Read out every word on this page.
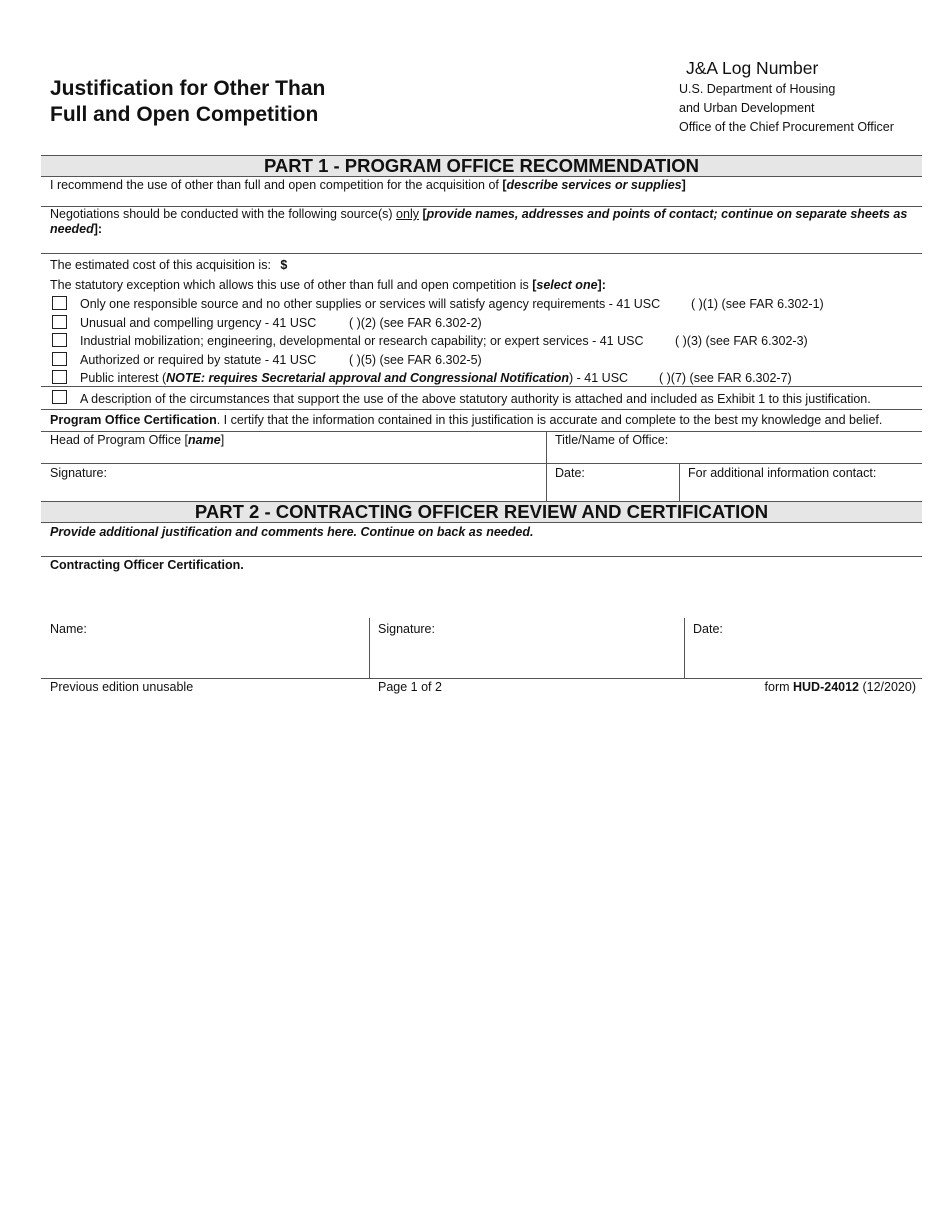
Justification for Other Than
Full and Open Competition
J&A Log Number
U.S. Department of Housing
and Urban Development
Office of the Chief Procurement Officer
PART 1 - PROGRAM OFFICE RECOMMENDATION
I recommend the use of other than full and open competition for the acquisition of [describe services or supplies]
Negotiations should be conducted with the following source(s) only [provide names, addresses and points of contact; continue on separate sheets as needed]:
The estimated cost of this acquisition is: $
The statutory exception which allows this use of other than full and open competition is [select one]:
Only one responsible source and no other supplies or services will satisfy agency requirements - 41 USC ( )(1) (see FAR 6.302-1)
Unusual and compelling urgency - 41 USC	( )(2) (see FAR 6.302-2)
Industrial mobilization; engineering, developmental or research capability; or expert services - 41 USC	( )(3) (see FAR 6.302-3)
Authorized or required by statute - 41 USC	( )(5) (see FAR 6.302-5)
Public interest (NOTE: requires Secretarial approval and Congressional Notification) - 41 USC ( )(7) (see FAR 6.302-7)
A description of the circumstances that support the use of the above statutory authority is attached and included as Exhibit 1 to this justification.
Program Office Certification. I certify that the information contained in this justification is accurate and complete to the best my knowledge and belief.
Head of Program Office [name]	Title/Name of Office:
Signature:	Date:	For additional information contact:
PART 2 - CONTRACTING OFFICER REVIEW AND CERTIFICATION
Provide additional justification and comments here. Continue on back as needed.
Contracting Officer Certification.
Name:	Signature:	Date:
Previous edition unusable	Page 1 of 2	form HUD-24012 (12/2020)
